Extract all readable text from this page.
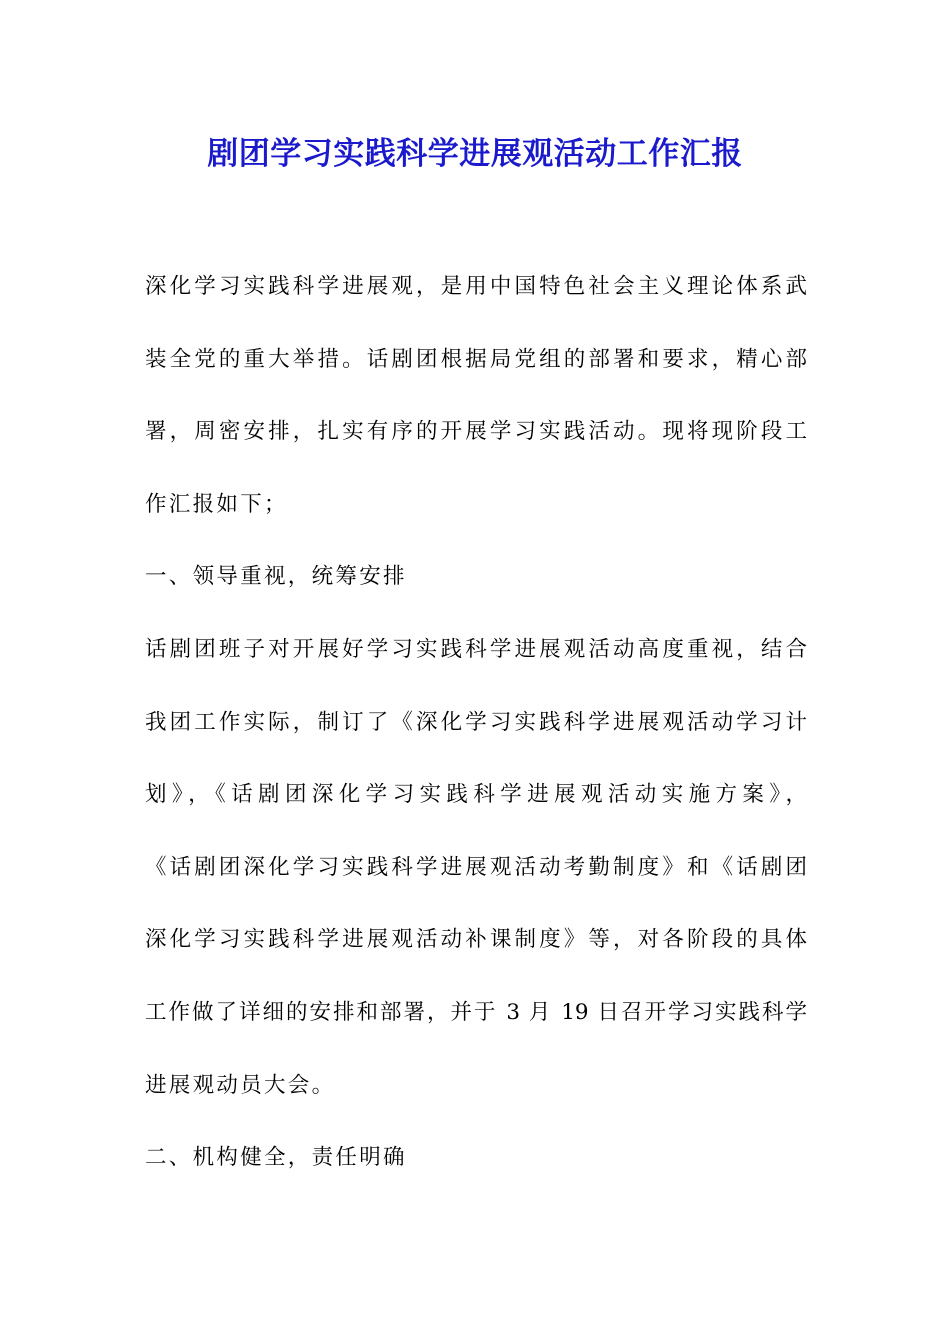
剧团学习实践科学进展观活动工作汇报
深化学习实践科学进展观，是用中国特色社会主义理论体系武
装全党的重大举措。话剧团根据局党组的部署和要求，精心部
署，周密安排，扎实有序的开展学习实践活动。现将现阶段工
作汇报如下；
一、领导重视，统筹安排
话剧团班子对开展好学习实践科学进展观活动高度重视，结合
我团工作实际，制订了《深化学习实践科学进展观活动学习计
划》，《话剧团深化学习实践科学进展观活动实施方案》，
《话剧团深化学习实践科学进展观活动考勤制度》和《话剧团
深化学习实践科学进展观活动补课制度》等，对各阶段的具体
工作做了详细的安排和部署，并于 3 月 19 日召开学习实践科学
进展观动员大会。
二、机构健全，责任明确
